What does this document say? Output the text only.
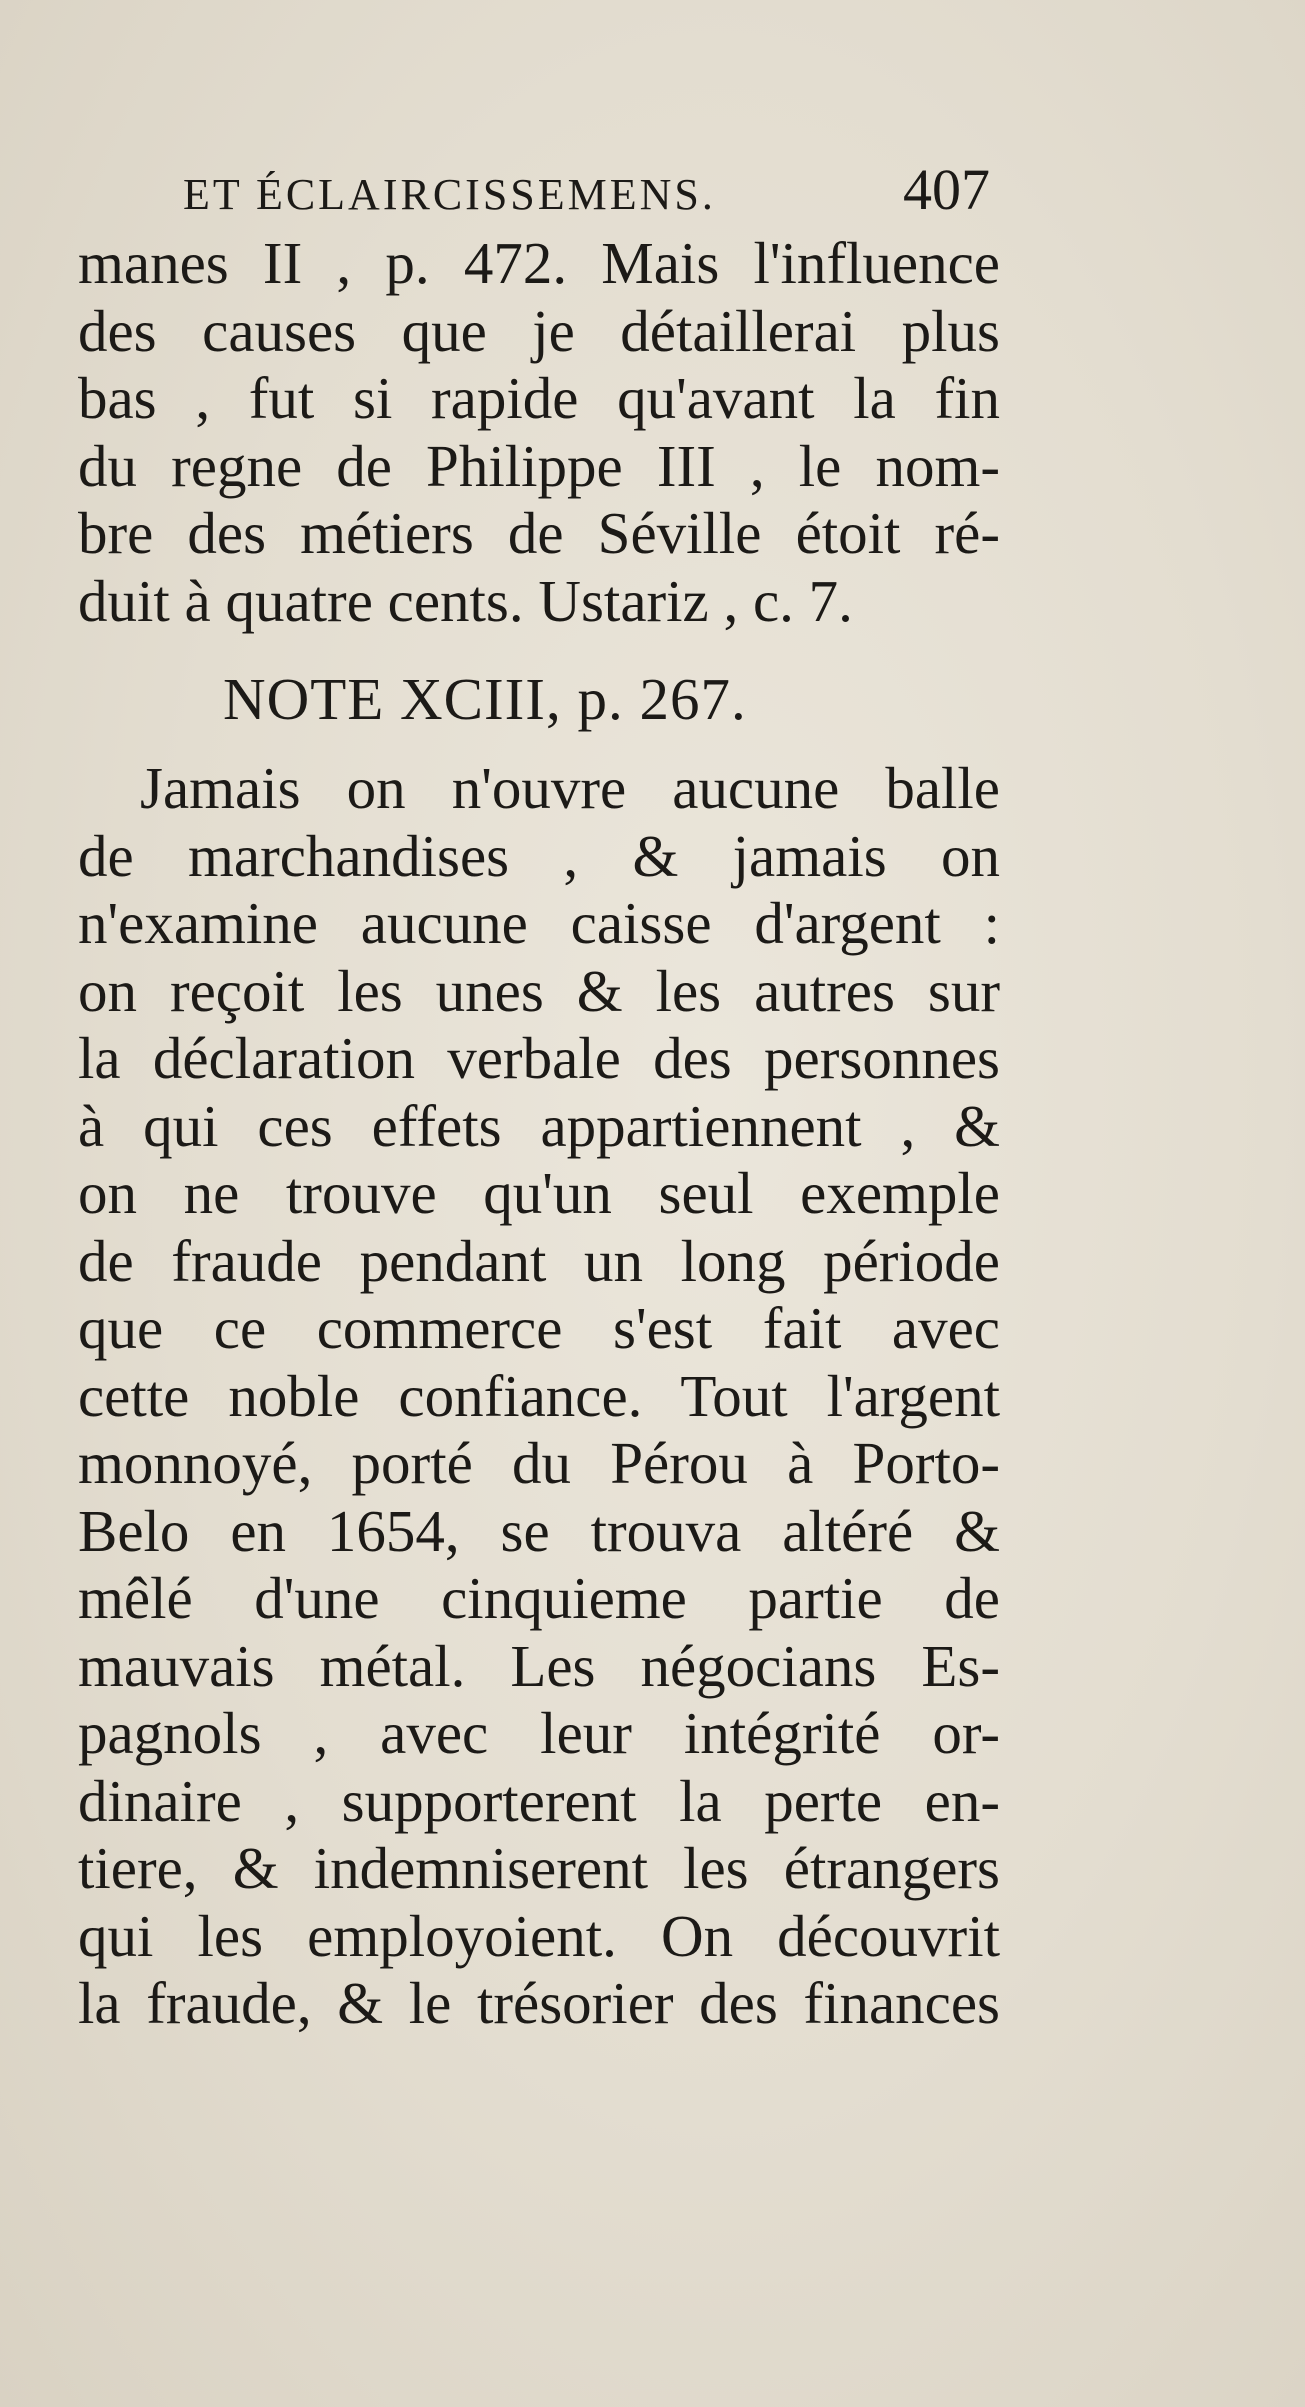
ET ÉCLAIRCISSEMENS.	407
manes II , p. 472. Mais l'influence
des causes que je détaillerai plus
bas , fut si rapide qu'avant la fin
du regne de Philippe III , le nom-
bre des métiers de Séville étoit ré-
duit à quatre cents. Ustariz , c. 7.
NOTE XCIII, p. 267.
Jamais on n'ouvre aucune balle
de marchandises , & jamais on
n'examine aucune caisse d'argent :
on reçoit les unes & les autres sur
la déclaration verbale des personnes
à qui ces effets appartiennent , &
on ne trouve qu'un seul exemple
de fraude pendant un long période
que ce commerce s'est fait avec
cette noble confiance. Tout l'argent
monnoyé, porté du Pérou à Porto-
Belo en 1654, se trouva altéré &
mêlé d'une cinquieme partie de
mauvais métal. Les négocians Es-
pagnols , avec leur intégrité or-
dinaire , supporterent la perte en-
tiere, & indemniserent les étrangers
qui les employoient. On découvrit
la fraude, & le trésorier des finances
